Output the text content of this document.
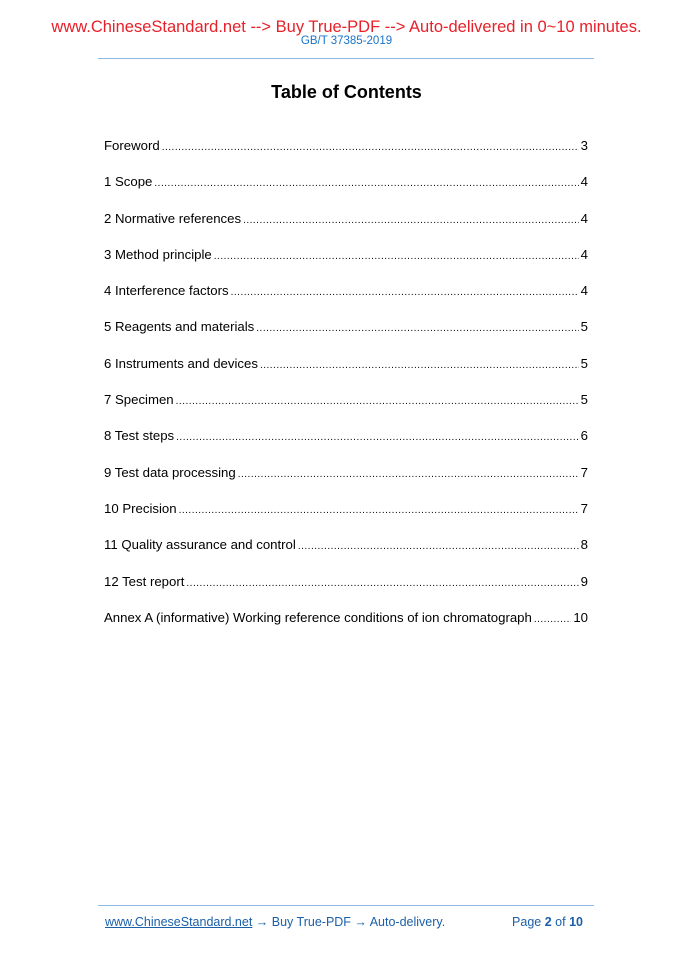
www.ChineseStandard.net --> Buy True-PDF --> Auto-delivered in 0~10 minutes.
GB/T 37385-2019
Table of Contents
Foreword .....	3
1 Scope .....	4
2 Normative references .....	4
3 Method principle .....	4
4 Interference factors .....	4
5 Reagents and materials .....	5
6 Instruments and devices .....	5
7 Specimen .....	5
8 Test steps .....	6
9 Test data processing .....	7
10 Precision .....	7
11 Quality assurance and control .....	8
12 Test report .....	9
Annex A (informative) Working reference conditions of ion chromatograph .....	10
www.ChineseStandard.net → Buy True-PDF → Auto-delivery.	Page 2 of 10
